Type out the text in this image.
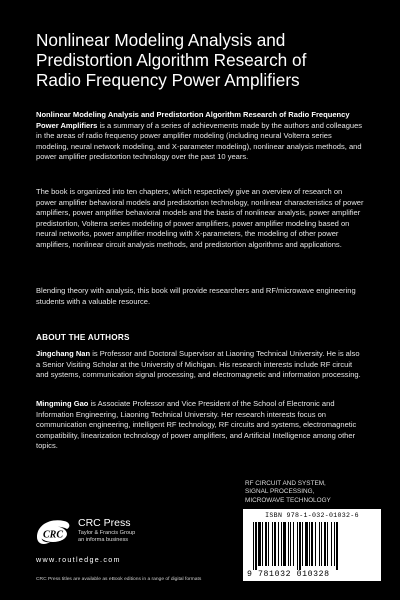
Nonlinear Modeling Analysis and Predistortion Algorithm Research of Radio Frequency Power Amplifiers

Nonlinear Modeling Analysis and Predistortion Algorithm Research of Radio Frequency Power Amplifiers is a summary of a series of achievements made by the authors and colleagues in the areas of radio frequency power amplifier modeling (including neural Volterra series modeling, neural network modeling, and X-parameter modeling), nonlinear analysis methods, and power amplifier predistortion technology over the past 10 years.

The book is organized into ten chapters, which respectively give an overview of research on power amplifier behavioral models and predistortion technology, nonlinear characteristics of power amplifiers, power amplifier behavioral models and the basis of nonlinear analysis, power amplifier predistortion, Volterra series modeling of power amplifiers, power amplifier modeling based on neural networks, power amplifier modeling with X-parameters, the modeling of other power amplifiers, nonlinear circuit analysis methods, and predistortion algorithms and applications.

Blending theory with analysis, this book will provide researchers and RF/microwave engineering students with a valuable resource.

ABOUT THE AUTHORS

Jingchang Nan is Professor and Doctoral Supervisor at Liaoning Technical University. He is also a Senior Visiting Scholar at the University of Michigan. His research interests include RF circuit and systems, communication signal processing, and electromagnetic and information processing.

Mingming Gao is Associate Professor and Vice President of the School of Electronic and Information Engineering, Liaoning Technical University. Her research interests focus on communication engineering, intelligent RF technology, RF circuits and systems, electromagnetic compatibility, linearization technology of power amplifiers, and Artificial Intelligence among other topics.

RF CIRCUIT AND SYSTEM,
SIGNAL PROCESSING,
MICROWAVE TECHNOLOGY
CRC
CRC Press
Taylor & Francis Group
an informa business
www.routledge.com
CRC Press titles are available as eBook editions in a range of digital formats
ISBN 978-1-032-01032-6
9 781032 010328
